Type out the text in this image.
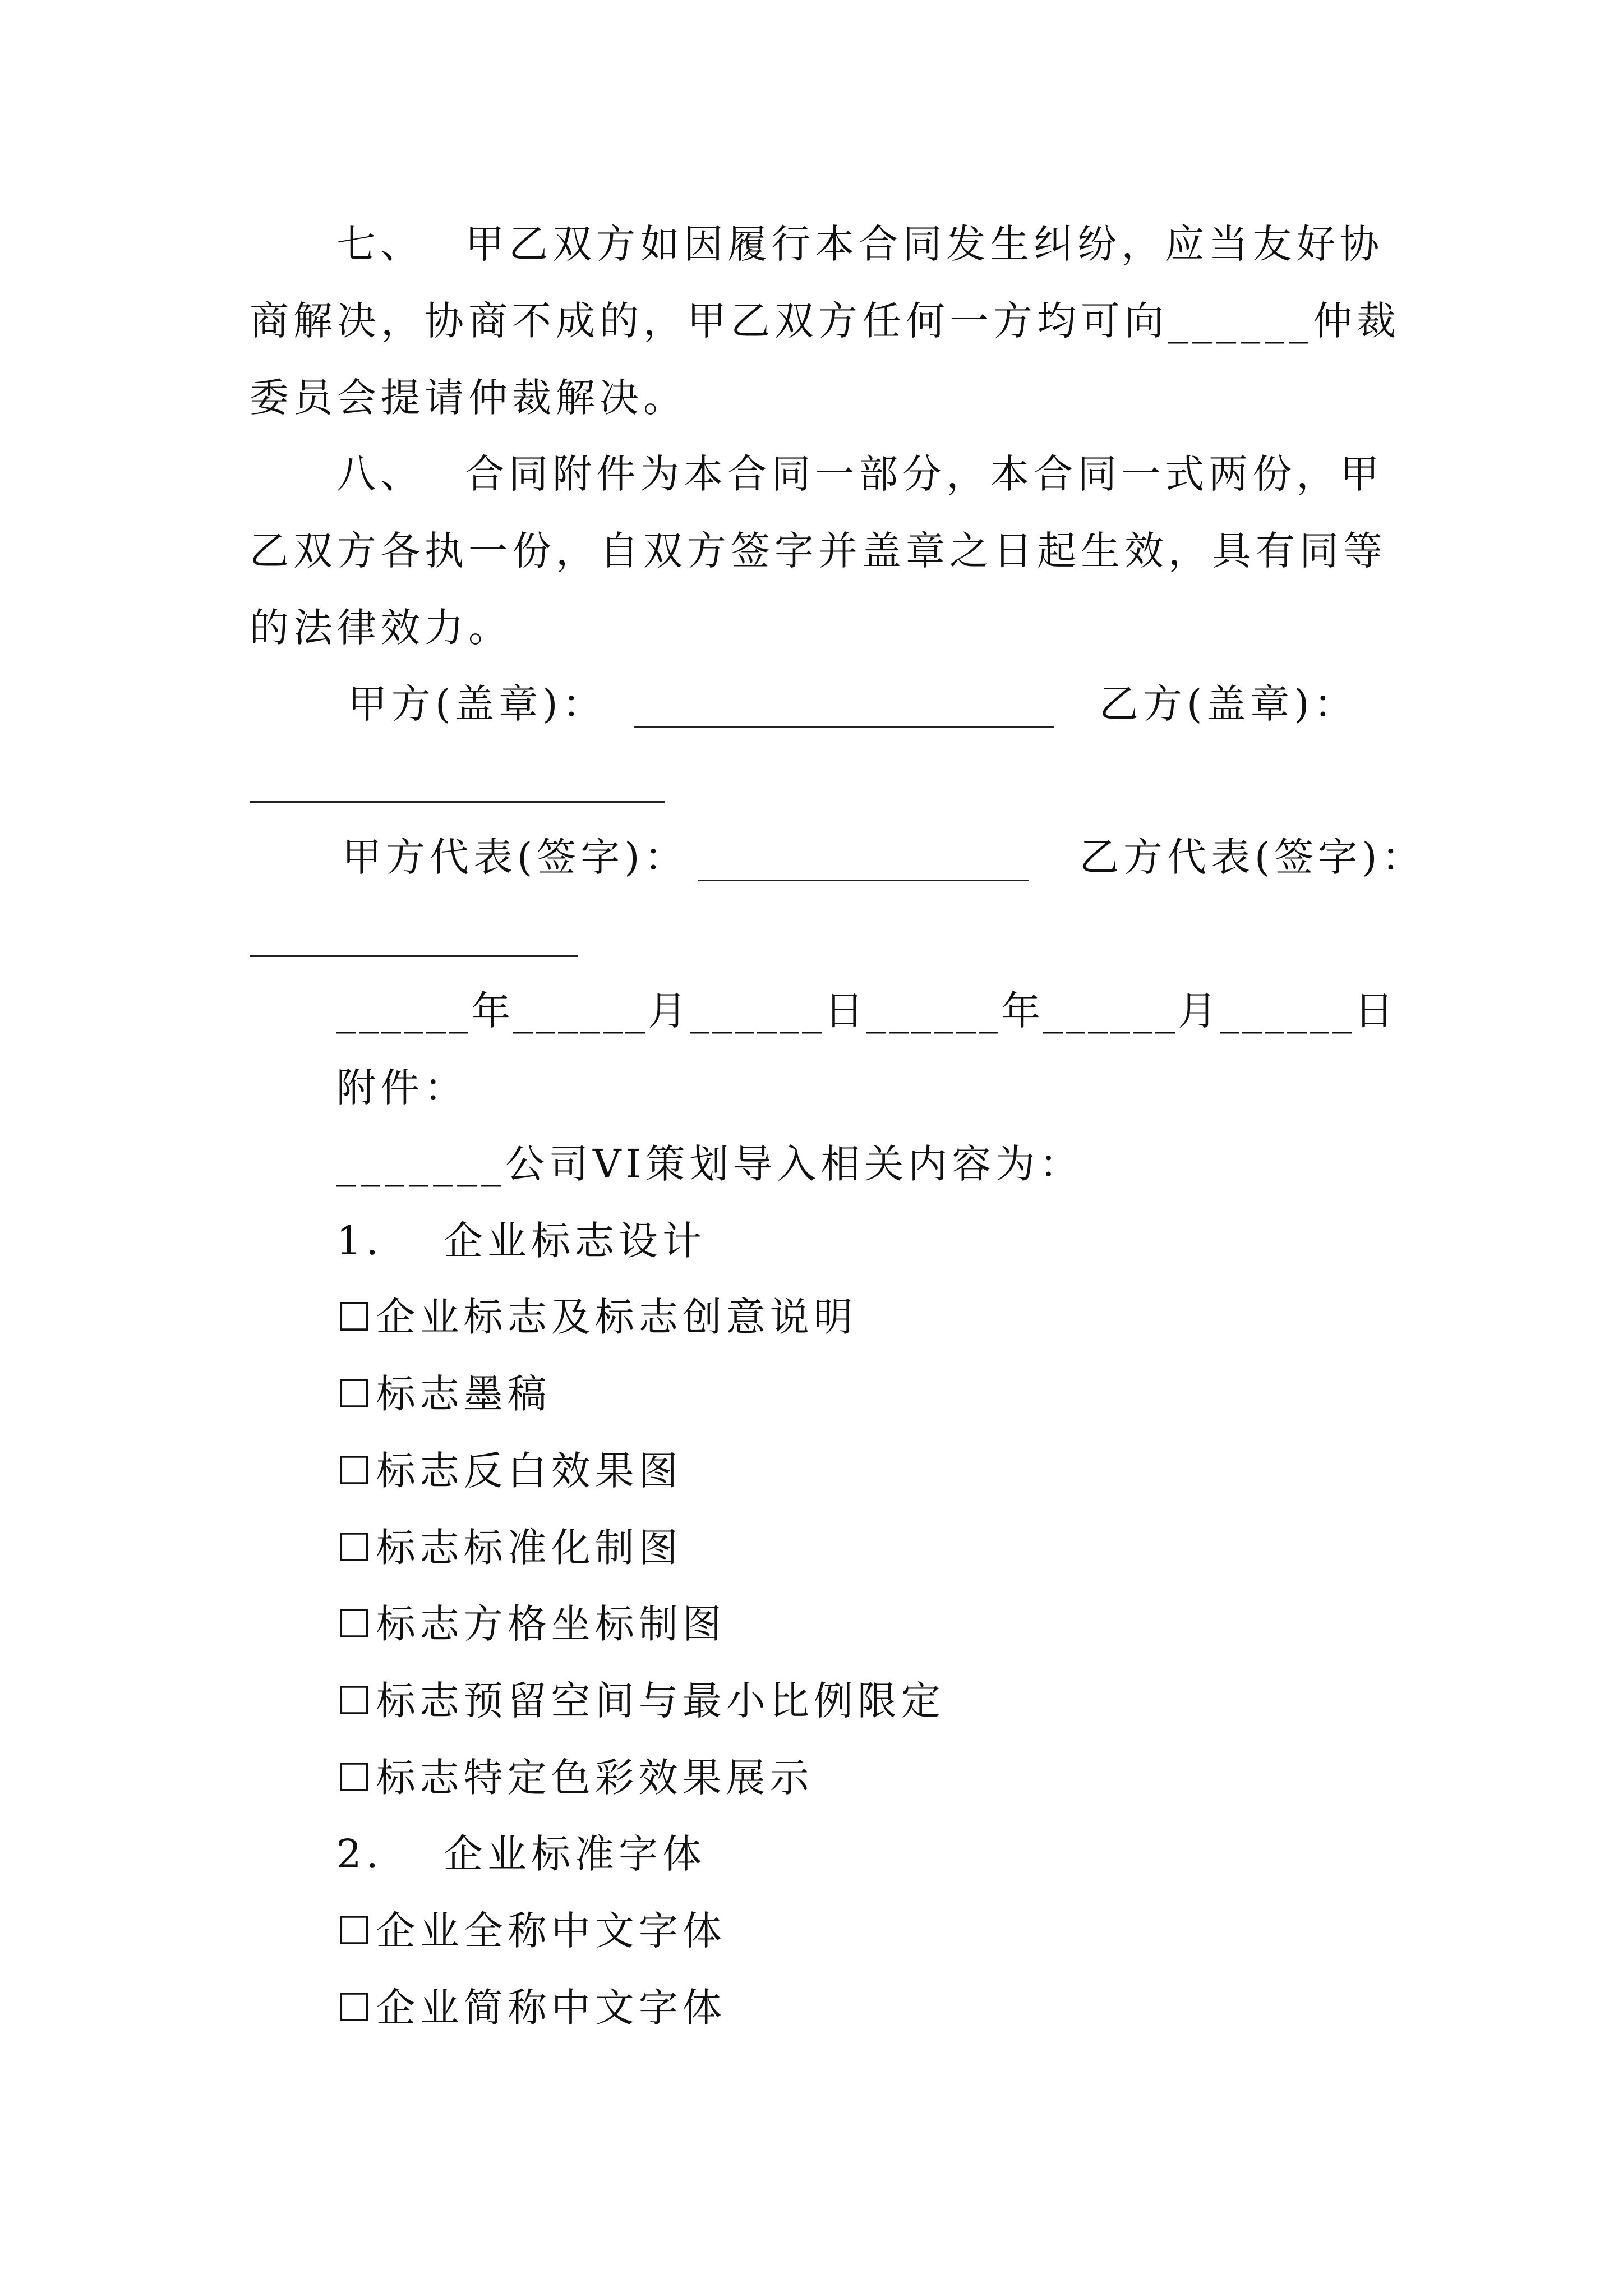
七、　 甲乙双方如因履行本合同发生纠纷，应当友好协
商解决，协商不成的，甲乙双方任何一方均可向______仲裁
委员会提请仲裁解决。
八、　 合同附件为本合同一部分，本合同一式两份，甲
乙双方各执一份，自双方签字并盖章之日起生效，具有同等
的法律效力。
甲方(盖章)：	乙方(盖章)：
甲方代表(签字)：	乙方代表(签字)：
______年______月______日______年______月______日
附件：
_______公司VI策划导入相关内容为：
1.　 企业标志设计
☐企业标志及标志创意说明
☐标志墨稿
☐标志反白效果图
☐标志标准化制图
☐标志方格坐标制图
☐标志预留空间与最小比例限定
☐标志特定色彩效果展示
2.　 企业标准字体
☐企业全称中文字体
☐企业简称中文字体
